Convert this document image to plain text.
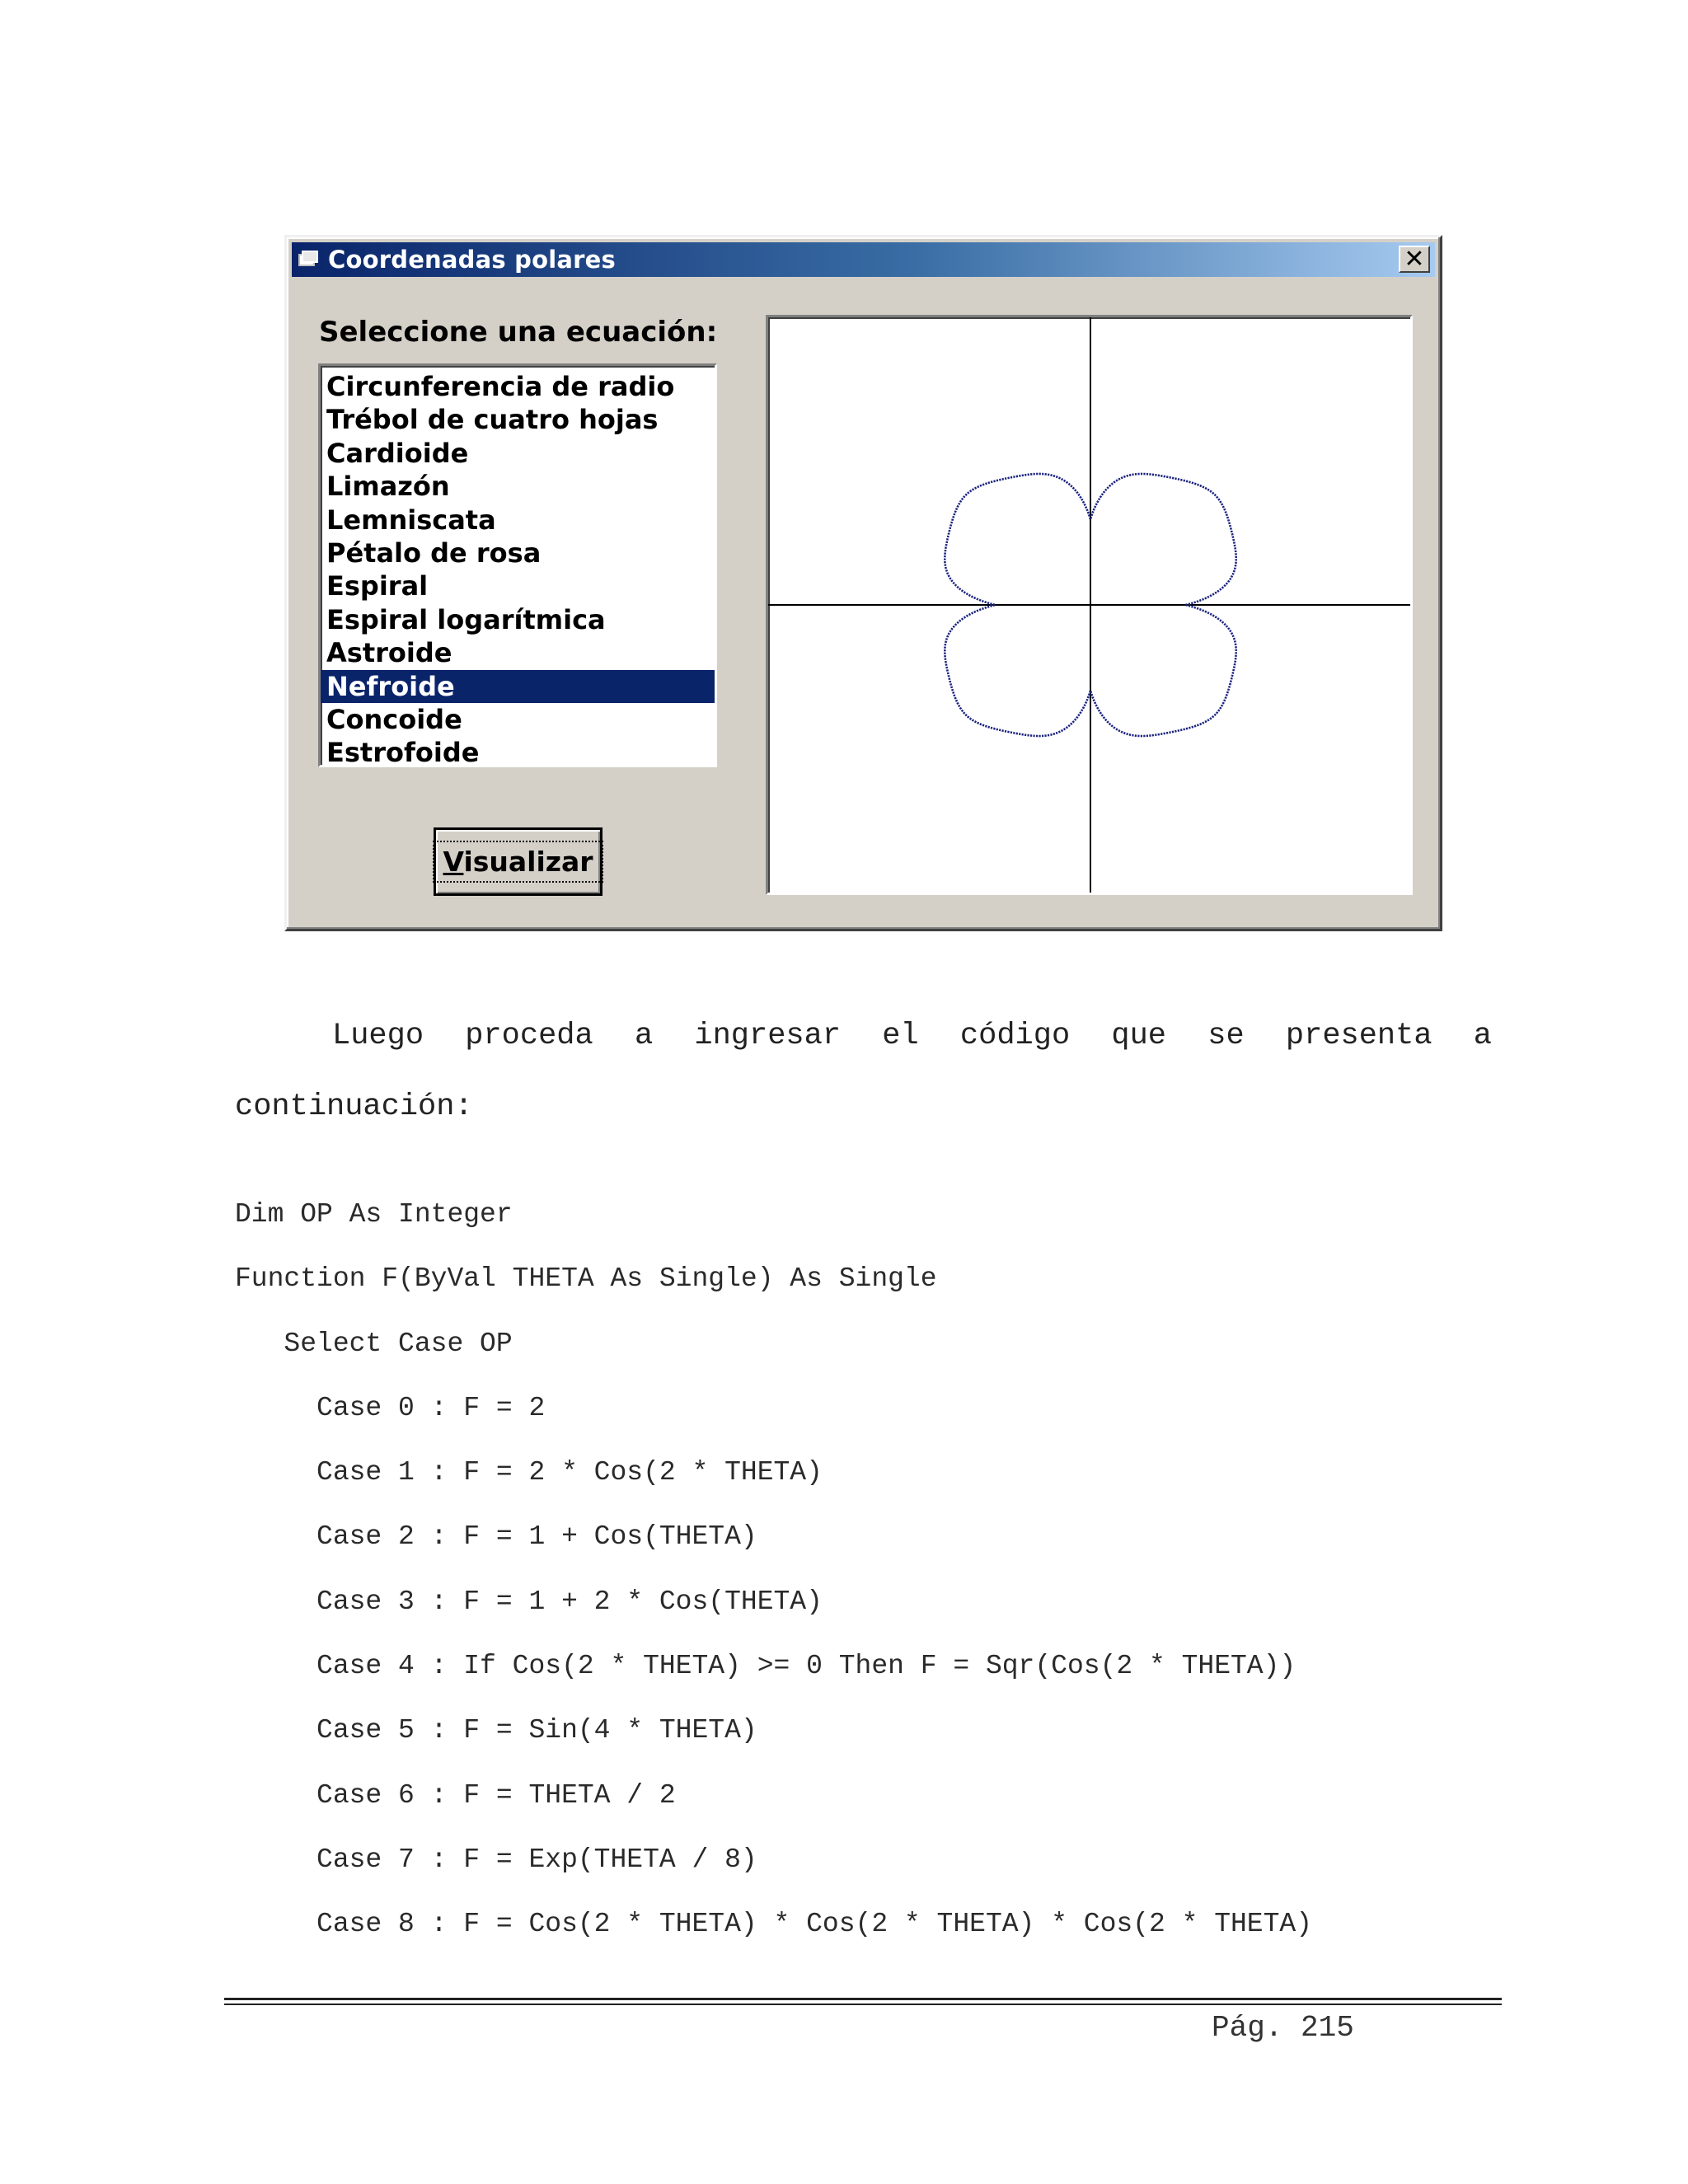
Coordenadas polares	✕
Seleccione una ecuación:
Circunferencia de radio
Trébol de cuatro hojas
Cardioide
Limazón
Lemniscata
Pétalo de rosa
Espiral
Espiral logarítmica
Astroide
Nefroide
Concoide
Estrofoide
Visualizar
Luego proceda a ingresar el código que se presenta a
continuación:
Dim OP As Integer
Function F(ByVal THETA As Single) As Single
Select Case OP
Case 0 : F = 2
Case 1 : F = 2 * Cos(2 * THETA)
Case 2 : F = 1 + Cos(THETA)
Case 3 : F = 1 + 2 * Cos(THETA)
Case 4 : If Cos(2 * THETA) >= 0 Then F = Sqr(Cos(2 * THETA))
Case 5 : F = Sin(4 * THETA)
Case 6 : F = THETA / 2
Case 7 : F = Exp(THETA / 8)
Case 8 : F = Cos(2 * THETA) * Cos(2 * THETA) * Cos(2 * THETA)
Pág. 215
